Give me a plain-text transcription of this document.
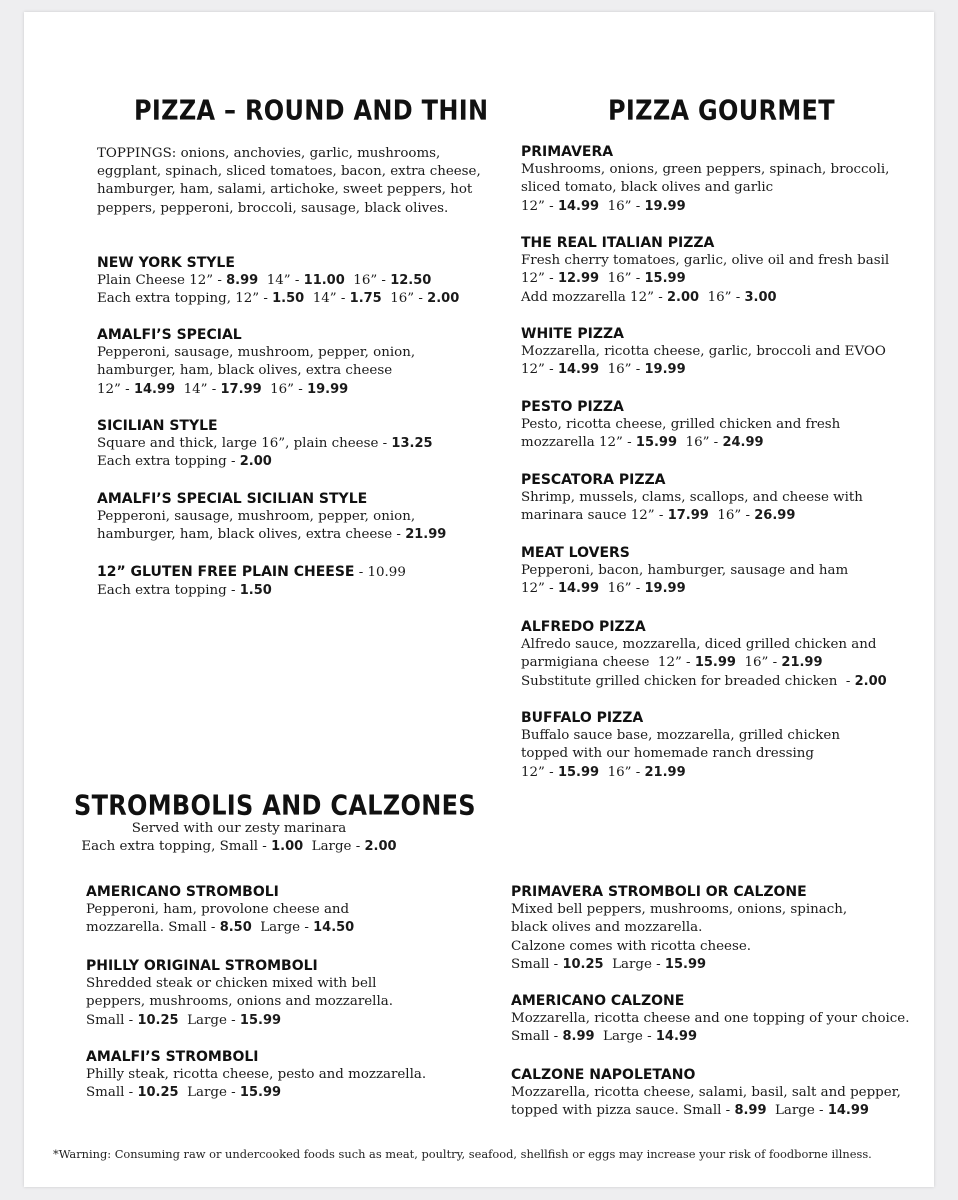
PIZZA – ROUND AND THIN
TOPPINGS: onions, anchovies, garlic, mushrooms, eggplant, spinach, sliced tomatoes, bacon, extra cheese, hamburger, ham, salami, artichoke, sweet peppers, hot peppers, pepperoni, broccoli, sausage, black olives.
NEW YORK STYLE
Plain Cheese 12” - 8.99  14” - 11.00  16” - 12.50
Each extra topping, 12” - 1.50  14” - 1.75  16” - 2.00
AMALFI’S SPECIAL
Pepperoni, sausage, mushroom, pepper, onion,
hamburger, ham, black olives, extra cheese
12” - 14.99  14” - 17.99  16” - 19.99
SICILIAN STYLE
Square and thick, large 16”, plain cheese - 13.25
Each extra topping - 2.00
AMALFI’S SPECIAL SICILIAN STYLE
Pepperoni, sausage, mushroom, pepper, onion,
hamburger, ham, black olives, extra cheese - 21.99
12” GLUTEN FREE PLAIN CHEESE - 10.99
Each extra topping - 1.50
PIZZA GOURMET
PRIMAVERA
Mushrooms, onions, green peppers, spinach, broccoli,
sliced tomato, black olives and garlic
12” - 14.99  16” - 19.99
THE REAL ITALIAN PIZZA
Fresh cherry tomatoes, garlic, olive oil and fresh basil
12” - 12.99  16” - 15.99
Add mozzarella 12” - 2.00  16” - 3.00
WHITE PIZZA
Mozzarella, ricotta cheese, garlic, broccoli and EVOO
12” - 14.99  16” - 19.99
PESTO PIZZA
Pesto, ricotta cheese, grilled chicken and fresh
mozzarella 12” - 15.99  16” - 24.99
PESCATORA PIZZA
Shrimp, mussels, clams, scallops, and cheese with
marinara sauce 12” - 17.99  16” - 26.99
MEAT LOVERS
Pepperoni, bacon, hamburger, sausage and ham
12” - 14.99  16” - 19.99
ALFREDO PIZZA
Alfredo sauce, mozzarella, diced grilled chicken and
parmigiana cheese  12” - 15.99  16” - 21.99
Substitute grilled chicken for breaded chicken  - 2.00
BUFFALO PIZZA
Buffalo sauce base, mozzarella, grilled chicken
topped with our homemade ranch dressing
12” - 15.99  16” - 21.99
STROMBOLIS AND CALZONES
Served with our zesty marinara
Each extra topping, Small - 1.00  Large - 2.00
AMERICANO STROMBOLI
Pepperoni, ham, provolone cheese and
mozzarella. Small - 8.50  Large - 14.50
PHILLY ORIGINAL STROMBOLI
Shredded steak or chicken mixed with bell
peppers, mushrooms, onions and mozzarella.
Small - 10.25  Large - 15.99
AMALFI’S STROMBOLI
Philly steak, ricotta cheese, pesto and mozzarella.
Small - 10.25  Large - 15.99
PRIMAVERA STROMBOLI OR CALZONE
Mixed bell peppers, mushrooms, onions, spinach,
black olives and mozzarella.
Calzone comes with ricotta cheese.
Small - 10.25  Large - 15.99
AMERICANO CALZONE
Mozzarella, ricotta cheese and one topping of your choice.
Small - 8.99  Large - 14.99
CALZONE NAPOLETANO
Mozzarella, ricotta cheese, salami, basil, salt and pepper,
topped with pizza sauce. Small - 8.99  Large - 14.99
*Warning: Consuming raw or undercooked foods such as meat, poultry, seafood, shellfish or eggs may increase your risk of foodborne illness.
